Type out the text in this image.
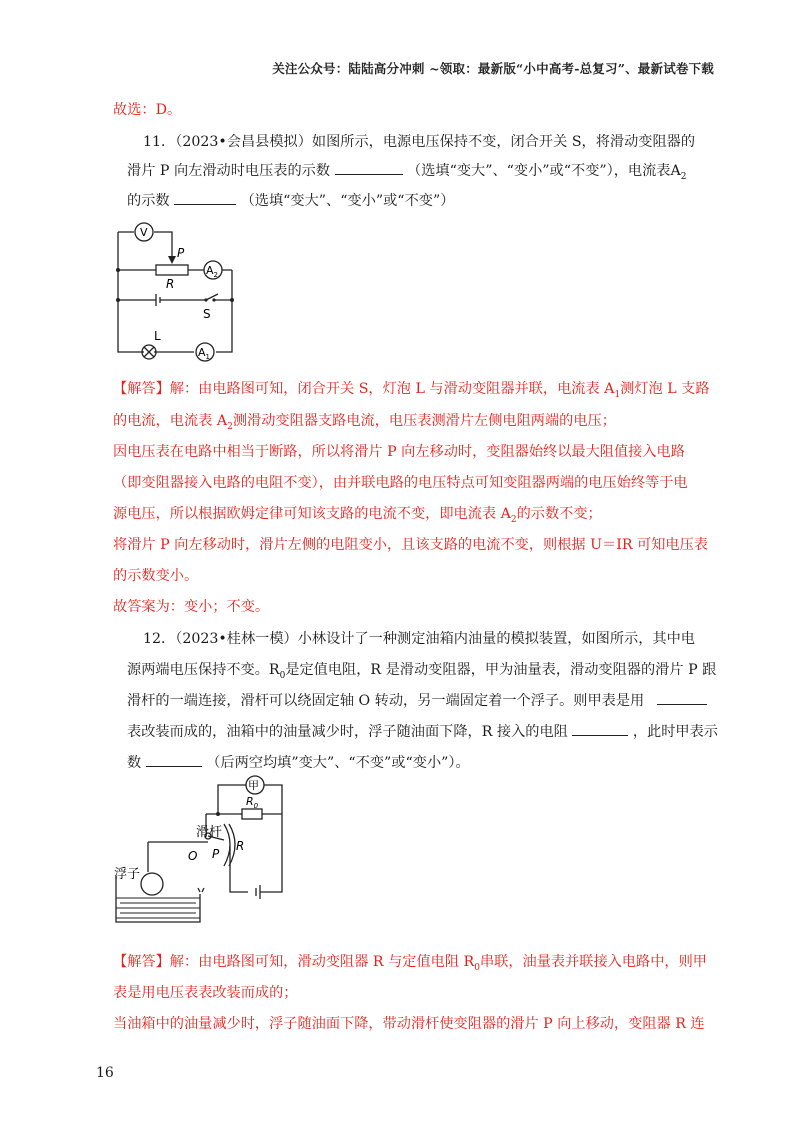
关注公众号：陆陆高分冲刺 ~领取：最新版“小中高考-总复习”、最新试卷下载
故选：D。
11．（2023•会昌县模拟）如图所示，电源电压保持不变，闭合开关 S，将滑动变阻器的
滑片 P 向左滑动时电压表的示数	（选填“变大”、“变小”或“不变”），电流表$A_2$
的示数	（选填“变大”、“变小”或“不变”）
V
P
R
$A_2$
S
L
$A_1$
【解答】解：由电路图可知，闭合开关 S，灯泡 L 与滑动变阻器并联，电流表 $A_1$测灯泡 L 支路
的电流，电流表 $A_2$测滑动变阻器支路电流，电压表测滑片左侧电阻两端的电压；
因电压表在电路中相当于断路，所以将滑片 P 向左移动时，变阻器始终以最大阻值接入电路
（即变阻器接入电路的电阻不变），由并联电路的电压特点可知变阻器两端的电压始终等于电
源电压，所以根据欧姆定律可知该支路的电流不变，即电流表 $A_2$的示数不变；
将滑片 P 向左移动时，滑片左侧的电阻变小，且该支路的电流不变，则根据 U＝IR 可知电压表
的示数变小。
故答案为：变小；不变。
12．（2023•桂林一模）小林设计了一种测定油箱内油量的模拟装置，如图所示，其中电
源两端电压保持不变。$R_0$是定值电阻，R 是滑动变阻器，甲为油量表，滑动变阻器的滑片 P 跟
滑杆的一端连接，滑杆可以绕固定轴 O 转动，另一端固定着一个浮子。则甲表是用
表改装而成的，油箱中的油量减少时，浮子随油面下降，R 接入的电阻	，此时甲表示
数	（后两空均填”变大”、“不变”或“变小”）。
甲
$R_0$
滑杆
O P
R
浮子
【解答】解：由电路图可知，滑动变阻器 R 与定值电阻 $R_0$串联，油量表并联接入电路中，则甲
表是用电压表表改装而成的；
当油箱中的油量减少时，浮子随油面下降，带动滑杆使变阻器的滑片 P 向上移动，变阻器 R 连
16
